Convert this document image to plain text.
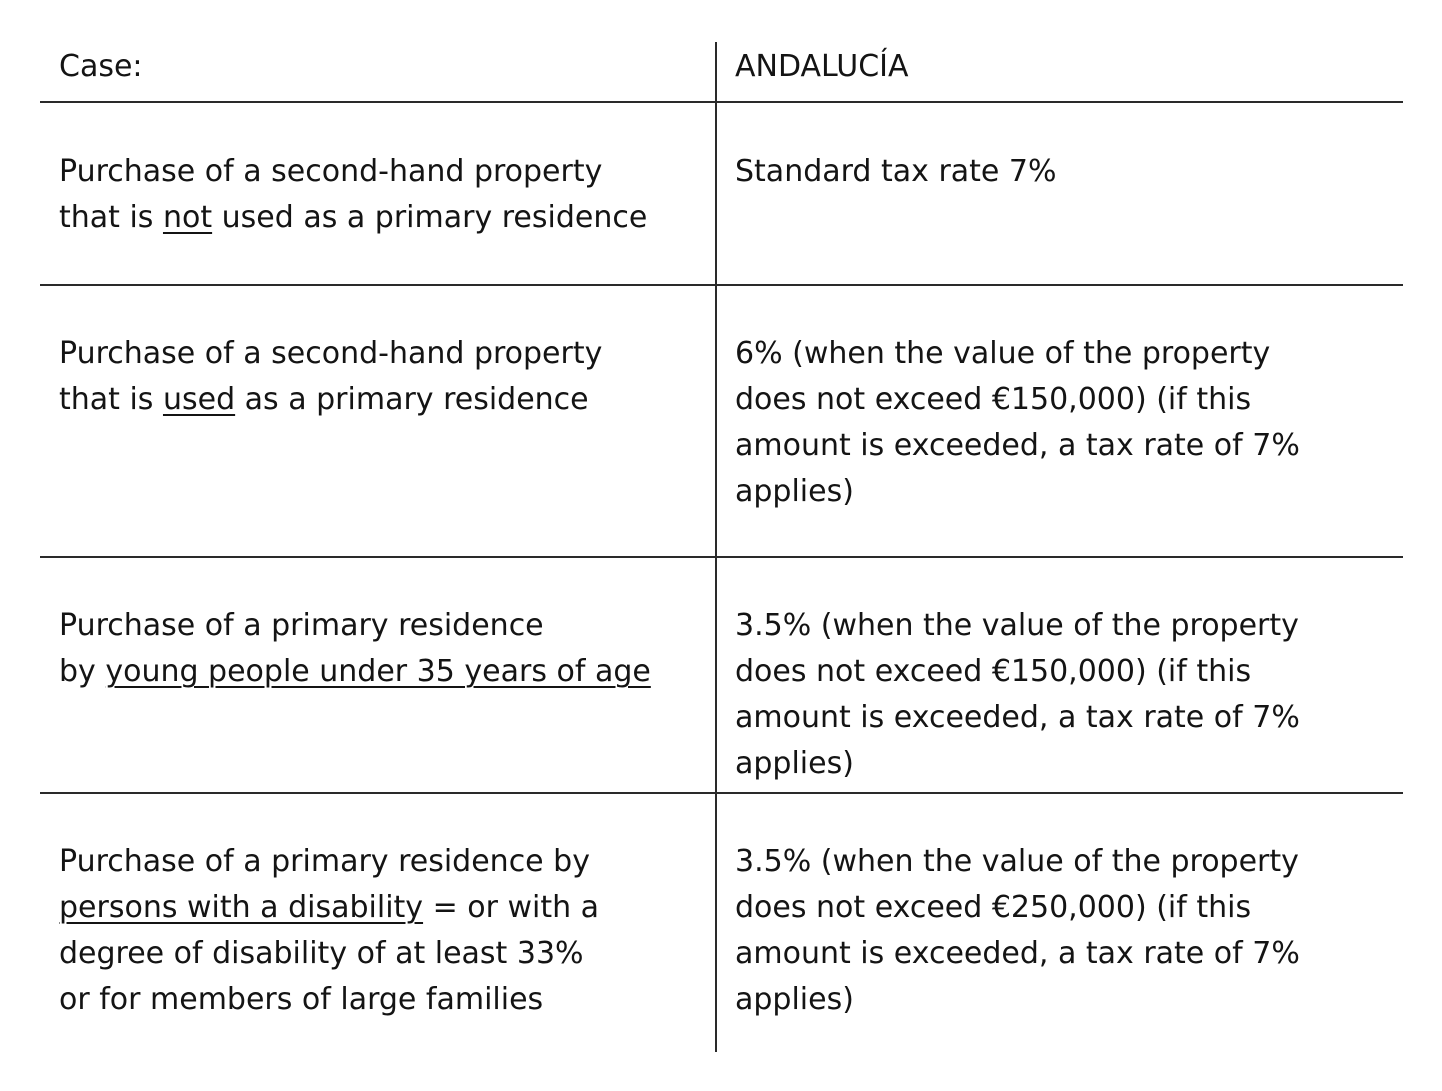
Case:	ANDALUCÍA
Purchase of a second-hand property
that is not used as a primary residence
Standard tax rate 7%
Purchase of a second-hand property
that is used as a primary residence
6% (when the value of the property
does not exceed €150,000) (if this
amount is exceeded, a tax rate of 7%
applies)
Purchase of a primary residence
by young people under 35 years of age
3.5% (when the value of the property
does not exceed €150,000) (if this
amount is exceeded, a tax rate of 7%
applies)
Purchase of a primary residence by
persons with a disability = or with a
degree of disability of at least 33%
or for members of large families
3.5% (when the value of the property
does not exceed €250,000) (if this
amount is exceeded, a tax rate of 7%
applies)
